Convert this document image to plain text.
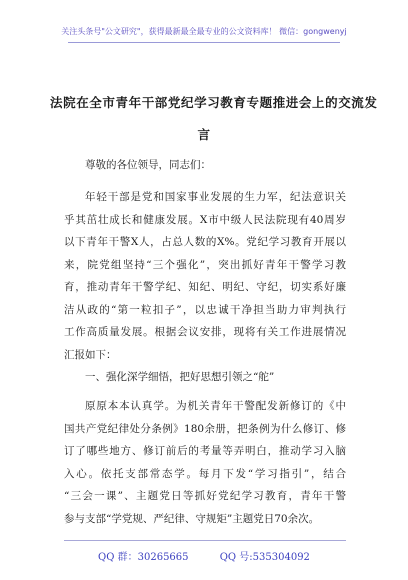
关注头条号"公文研究"，获得最新最全最专业的公文资料库！ 微信：gongwenyj
法院在全市青年干部党纪学习教育专题推进会上的交流发
言
尊敬的各位领导，同志们：
年轻干部是党和国家事业发展的生力军，纪法意识关
乎其茁壮成长和健康发展。X市中级人民法院现有40周岁
以下青年干警X人，占总人数的X%。党纪学习教育开展以
来，院党组坚持“三个强化”，突出抓好青年干警学习教
育，推动青年干警学纪、知纪、明纪、守纪，切实系好廉
洁从政的“第一粒扣子”，以忠诚干净担当助力审判执行
工作高质量发展。根据会议安排，现将有关工作进展情况
汇报如下：
一、强化深学细悟，把好思想引领之“舵”
原原本本认真学。为机关青年干警配发新修订的《中
国共产党纪律处分条例》180余册，把条例为什么修订、修
订了哪些地方、修订前后的考量等弄明白，推动学习入脑
入心。依托支部常态学。每月下发“学习指引”，结合
“三会一课”、主题党日等抓好党纪学习教育，青年干警
参与支部“学党规、严纪律、守规矩”主题党日70余次。
QQ 群：30265665	QQ 号:535304092
